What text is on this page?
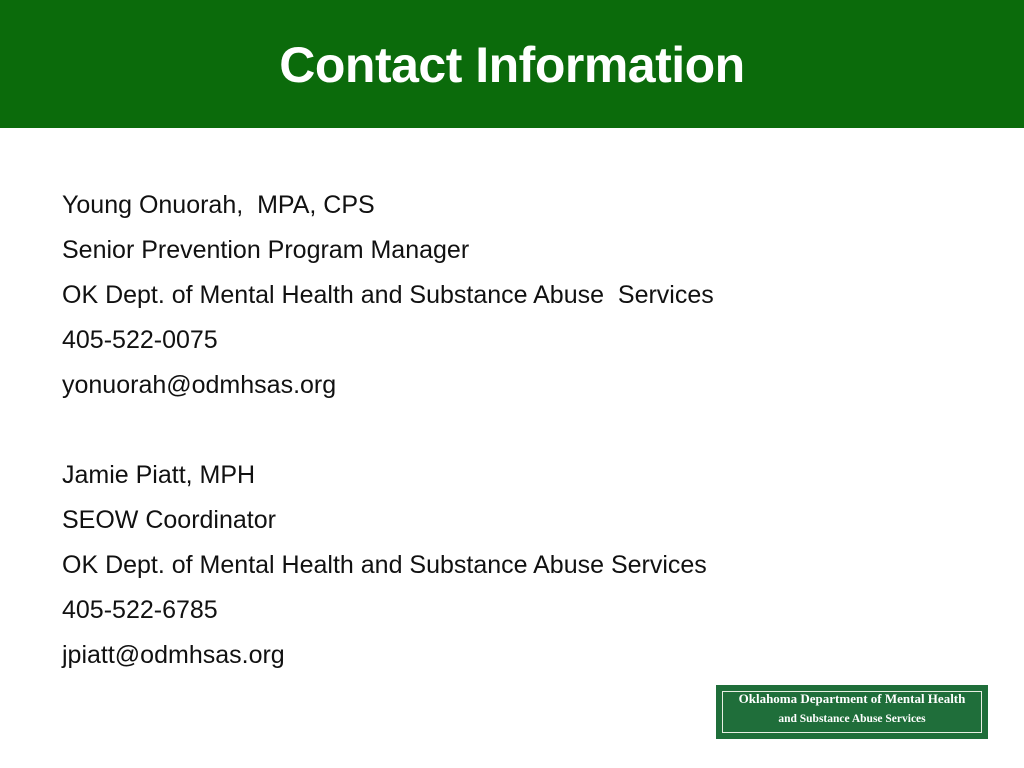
Contact Information
Young Onuorah,  MPA, CPS
Senior Prevention Program Manager
OK Dept. of Mental Health and Substance Abuse  Services
405-522-0075
yonuorah@odmhsas.org
Jamie Piatt, MPH
SEOW Coordinator
OK Dept. of Mental Health and Substance Abuse Services
405-522-6785
jpiatt@odmhsas.org
Oklahoma Department of Mental Health
and Substance Abuse Services
